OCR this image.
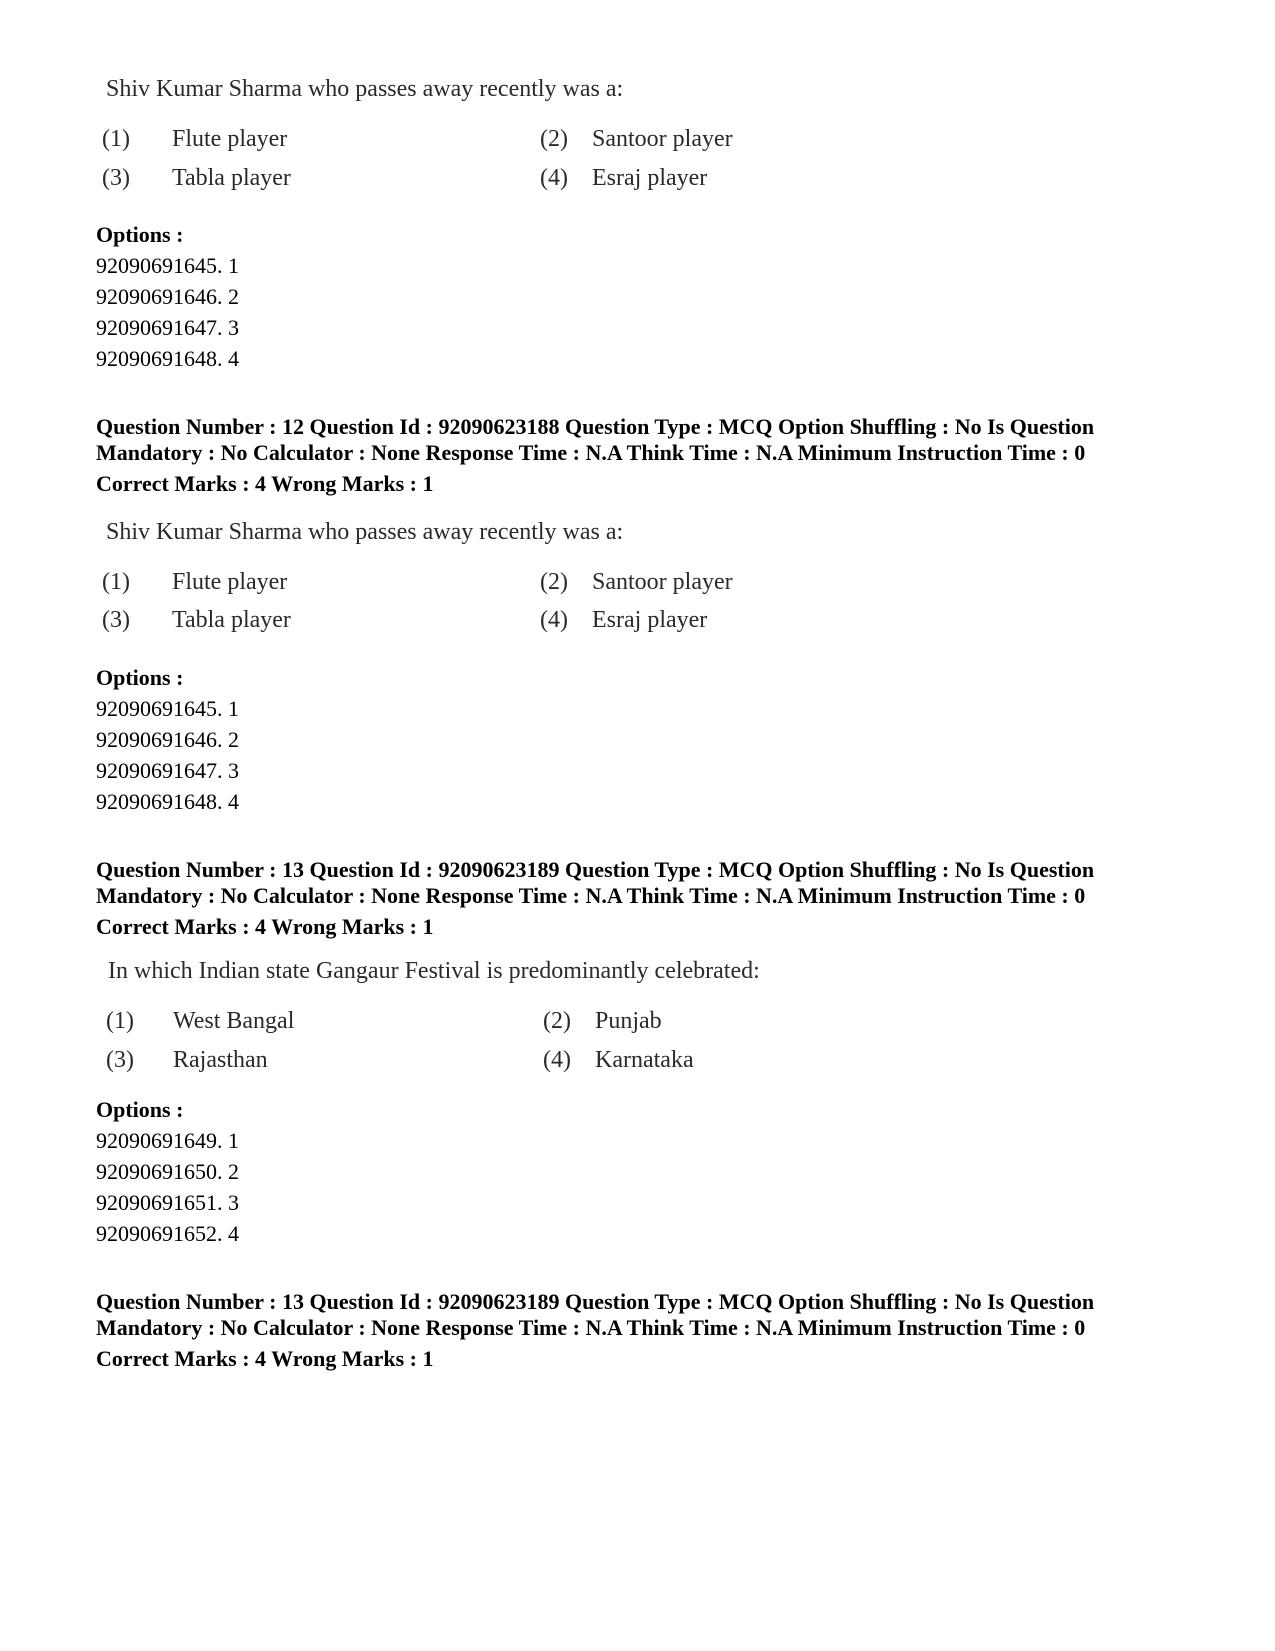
Shiv Kumar Sharma who passes away recently was a:
(1) Flute player	(2) Santoor player
(3) Tabla player	(4) Esraj player
Options :
92090691645. 1
92090691646. 2
92090691647. 3
92090691648. 4
Question Number : 12 Question Id : 92090623188 Question Type : MCQ Option Shuffling : No Is Question
Mandatory : No Calculator : None Response Time : N.A Think Time : N.A Minimum Instruction Time : 0
Correct Marks : 4 Wrong Marks : 1
Shiv Kumar Sharma who passes away recently was a:
(1) Flute player	(2) Santoor player
(3) Tabla player	(4) Esraj player
Options :
92090691645. 1
92090691646. 2
92090691647. 3
92090691648. 4
Question Number : 13 Question Id : 92090623189 Question Type : MCQ Option Shuffling : No Is Question
Mandatory : No Calculator : None Response Time : N.A Think Time : N.A Minimum Instruction Time : 0
Correct Marks : 4 Wrong Marks : 1
In which Indian state Gangaur Festival is predominantly celebrated:
(1) West Bangal	(2) Punjab
(3) Rajasthan	(4) Karnataka
Options :
92090691649. 1
92090691650. 2
92090691651. 3
92090691652. 4
Question Number : 13 Question Id : 92090623189 Question Type : MCQ Option Shuffling : No Is Question
Mandatory : No Calculator : None Response Time : N.A Think Time : N.A Minimum Instruction Time : 0
Correct Marks : 4 Wrong Marks : 1
